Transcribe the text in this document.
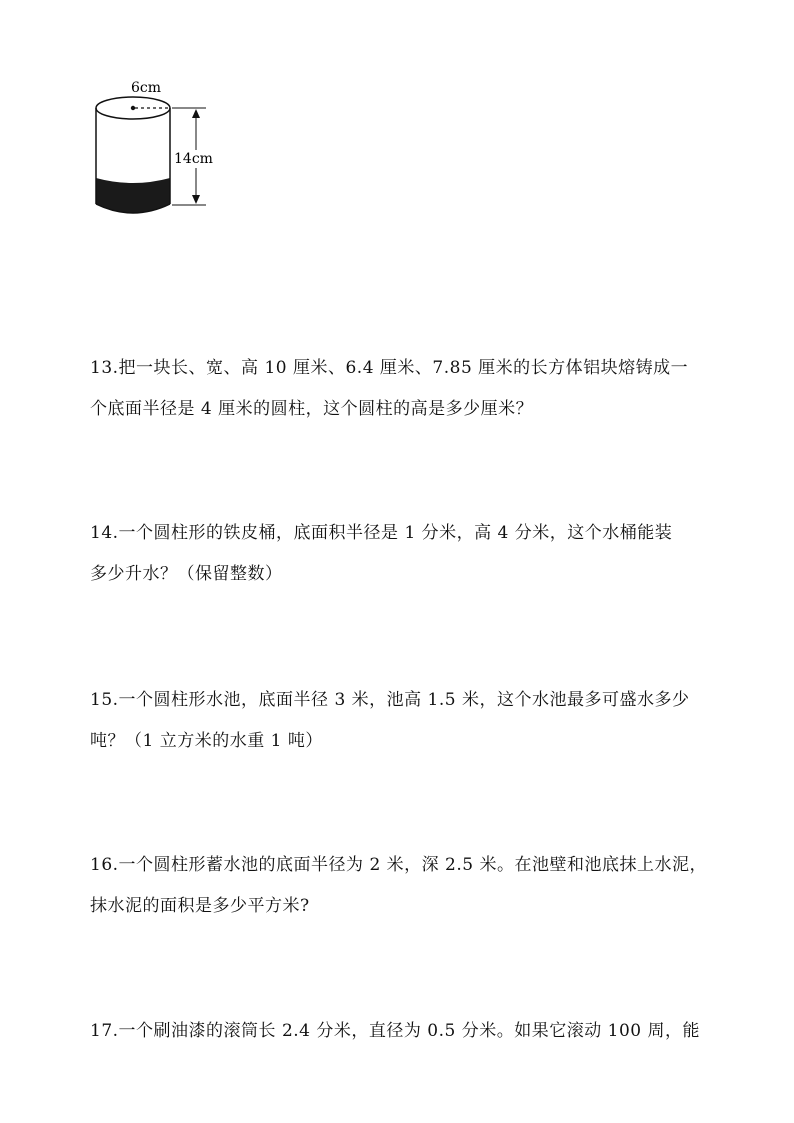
6cm
14cm
13.把一块长、宽、高 10 厘米、6.4 厘米、7.85 厘米的长方体铝块熔铸成一
个底面半径是 4 厘米的圆柱，这个圆柱的高是多少厘米？
14.一个圆柱形的铁皮桶，底面积半径是 1 分米，高 4 分米，这个水桶能装
多少升水？（保留整数）
15.一个圆柱形水池，底面半径 3 米，池高 1.5 米，这个水池最多可盛水多少
吨？（1 立方米的水重 1 吨）
16.一个圆柱形蓄水池的底面半径为 2 米，深 2.5 米。在池壁和池底抹上水泥，
抹水泥的面积是多少平方米?
17.一个刷油漆的滚筒长 2.4 分米，直径为 0.5 分米。如果它滚动 100 周，能
